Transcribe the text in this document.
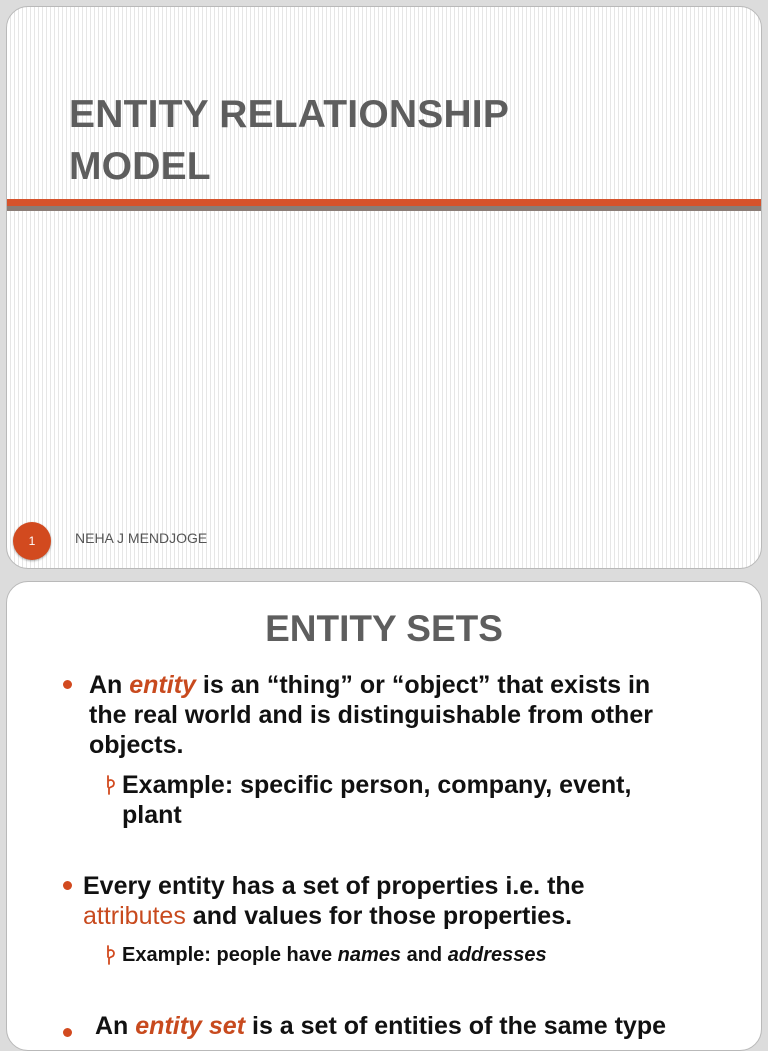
ENTITY RELATIONSHIP
MODEL
1	NEHA J MENDJOGE
ENTITY SETS
An entity is an “thing” or “object” that exists in
the real world and is distinguishable from other
objects.
Example: specific person, company, event,
plant
Every entity has a set of properties i.e. the
attributes and values for those properties.
Example: people have names and addresses
An entity set is a set of entities of the same type
